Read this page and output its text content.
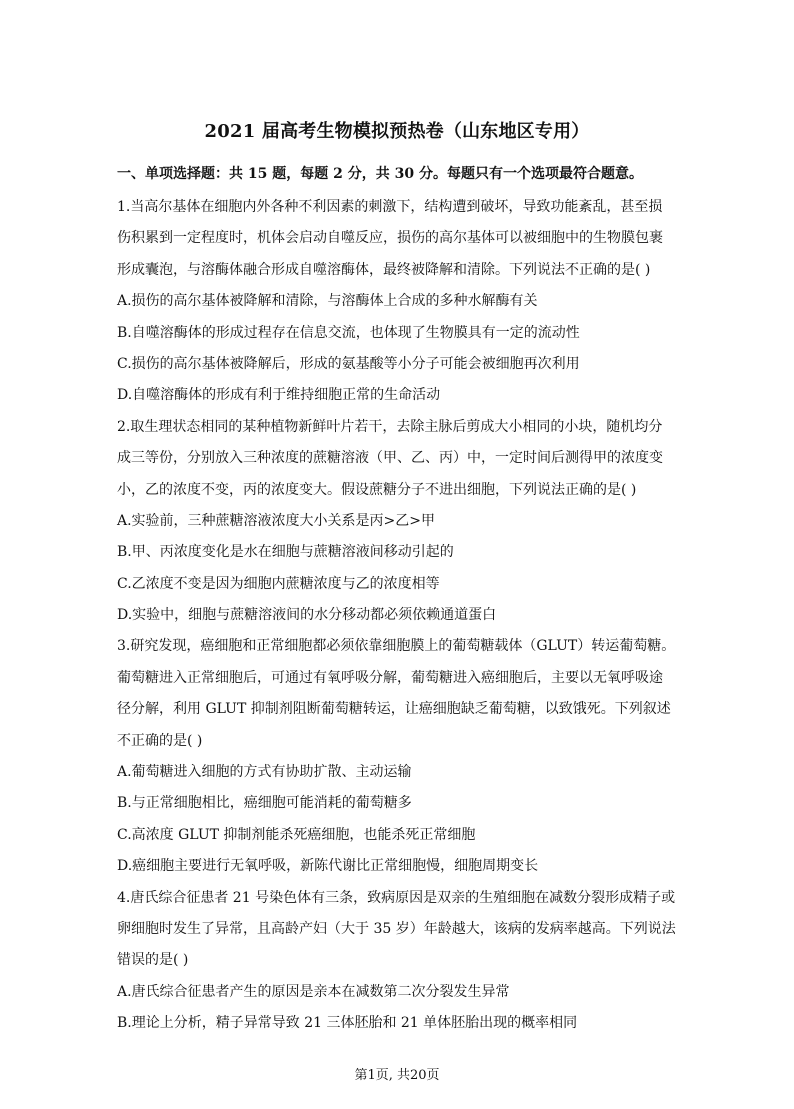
2021 届高考生物模拟预热卷（山东地区专用）
一、单项选择题：共 15 题，每题 2 分，共 30 分。每题只有一个选项最符合题意。
1.当高尔基体在细胞内外各种不利因素的刺激下，结构遭到破坏，导致功能紊乱，甚至损
伤积累到一定程度时，机体会启动自噬反应，损伤的高尔基体可以被细胞中的生物膜包裹
形成囊泡，与溶酶体融合形成自噬溶酶体，最终被降解和清除。下列说法不正确的是( )
A.损伤的高尔基体被降解和清除，与溶酶体上合成的多种水解酶有关
B.自噬溶酶体的形成过程存在信息交流，也体现了生物膜具有一定的流动性
C.损伤的高尔基体被降解后，形成的氨基酸等小分子可能会被细胞再次利用
D.自噬溶酶体的形成有利于维持细胞正常的生命活动
2.取生理状态相同的某种植物新鲜叶片若干，去除主脉后剪成大小相同的小块，随机均分
成三等份，分别放入三种浓度的蔗糖溶液（甲、乙、丙）中，一定时间后测得甲的浓度变
小，乙的浓度不变，丙的浓度变大。假设蔗糖分子不进出细胞，下列说法正确的是( )
A.实验前，三种蔗糖溶液浓度大小关系是丙>乙>甲
B.甲、丙浓度变化是水在细胞与蔗糖溶液间移动引起的
C.乙浓度不变是因为细胞内蔗糖浓度与乙的浓度相等
D.实验中，细胞与蔗糖溶液间的水分移动都必须依赖通道蛋白
3.研究发现，癌细胞和正常细胞都必须依靠细胞膜上的葡萄糖载体（GLUT）转运葡萄糖。
葡萄糖进入正常细胞后，可通过有氧呼吸分解，葡萄糖进入癌细胞后，主要以无氧呼吸途
径分解，利用 GLUT 抑制剂阻断葡萄糖转运，让癌细胞缺乏葡萄糖，以致饿死。下列叙述
不正确的是( )
A.葡萄糖进入细胞的方式有协助扩散、主动运输
B.与正常细胞相比，癌细胞可能消耗的葡萄糖多
C.高浓度 GLUT 抑制剂能杀死癌细胞，也能杀死正常细胞
D.癌细胞主要进行无氧呼吸，新陈代谢比正常细胞慢，细胞周期变长
4.唐氏综合征患者 21 号染色体有三条，致病原因是双亲的生殖细胞在减数分裂形成精子或
卵细胞时发生了异常，且高龄产妇（大于 35 岁）年龄越大，该病的发病率越高。下列说法
错误的是( )
A.唐氏综合征患者产生的原因是亲本在减数第二次分裂发生异常
B.理论上分析，精子异常导致 21 三体胚胎和 21 单体胚胎出现的概率相同
第1页, 共20页
